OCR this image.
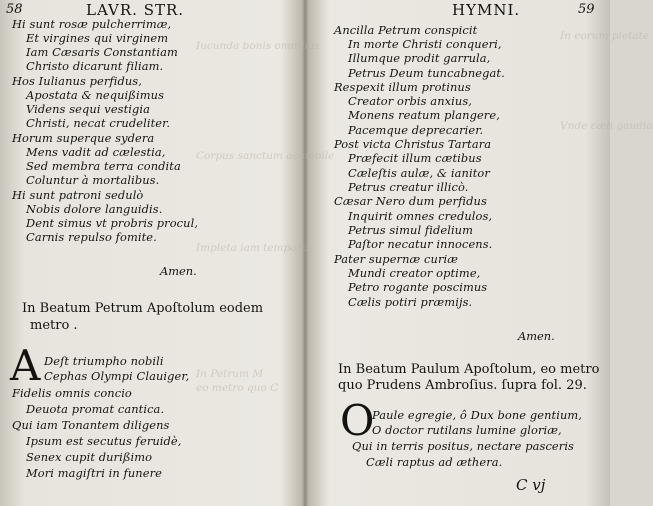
Iucunda bonis omnibus
Corpus sanctum ac nobile
Impleta iam tempora
In Petrum M
eo metro quo C
In eorum pietate
Vnde cæli gaudia
58	LAVR. STR.
Hi sunt rosæ pulcherrimæ,
Et virgines qui virginem
Iam Cæsaris Constantiam
Christo dicarunt filiam.
Hos Iulianus perfidus,
Apostata & nequißimus
Videns sequi vestigia
Christi, necat crudeliter.
Horum superque sydera
Mens vadit ad cælestia,
Sed membra terra condita
Coluntur à mortalibus.
Hi sunt patroni sedulò
Nobis dolore languidis.
Dent simus vt probris procul,
Carnis repulso fomite.
Amen.
In Beatum Petrum Apoſtolum eodem
metro .
A Deſt triumpho nobili
Cephas Olympi Clauiger,
Fidelis omnis concio
Deuota promat cantica.
Qui iam Tonantem diligens
Ipsum est secutus feruidè,
Senex cupit durißimo
Mori magiſtri in funere
HYMNI.	59
Ancilla Petrum conspicit
In morte Christi conqueri,
Illumque prodit garrula,
Petrus Deum tuncabnegat.
Respexit illum protinus
Creator orbis anxius,
Monens reatum plangere,
Pacemque deprecarier.
Post victa Christus Tartara
Præfecit illum cætibus
Cæleſtis aulæ, & ianitor
Petrus creatur illicò.
Cæsar Nero dum perfidus
Inquirit omnes credulos,
Petrus simul fidelium
Paſtor necatur innocens.
Pater supernæ curiæ
Mundi creator optime,
Petro rogante poscimus
Cælis potiri præmijs.
Amen.
In Beatum Paulum Apoſtolum, eo metro
quo Prudens Ambroſius. ſupra fol. 29.
O
Paule egregie, ô Dux bone gentium,
O doctor rutilans lumine gloriæ,
Qui in terris positus, nectare pasceris
Cæli raptus ad æthera.
C vj
